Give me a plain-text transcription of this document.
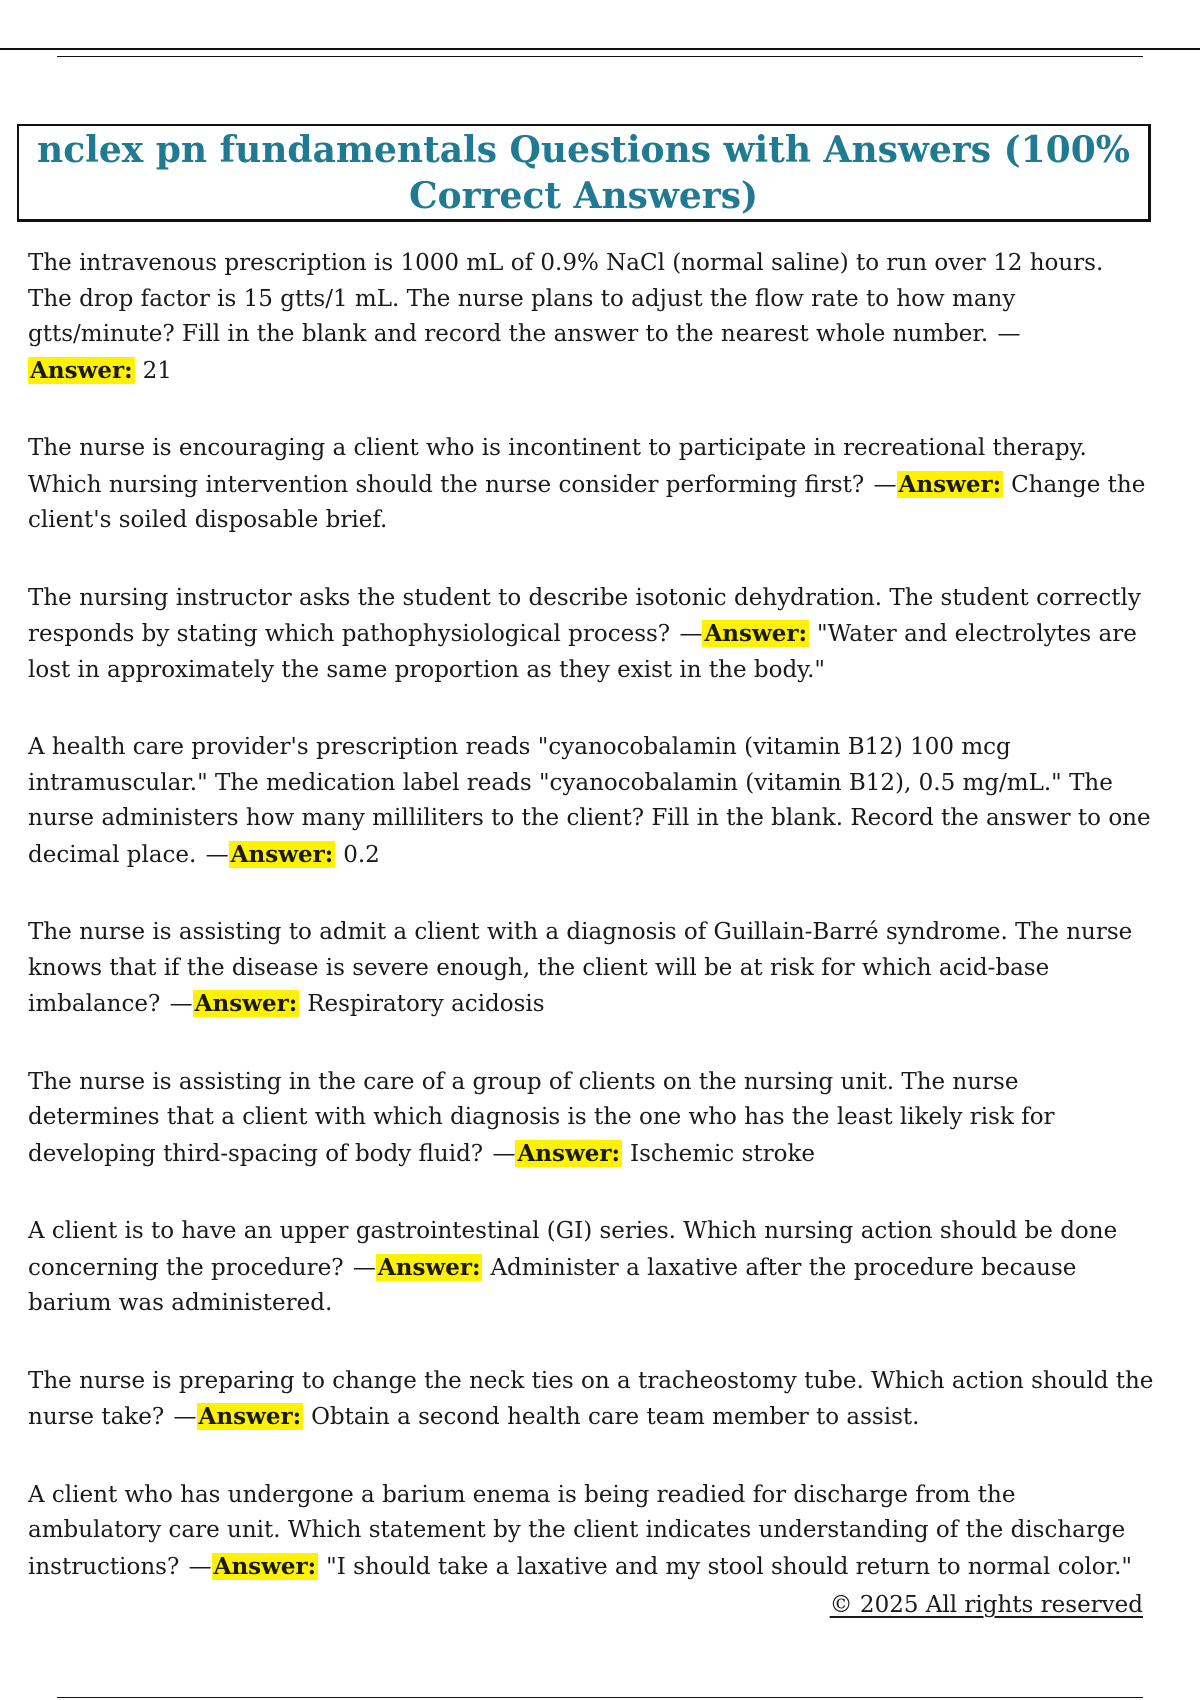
nclex pn fundamentals Questions with Answers (100% Correct Answers)

The intravenous prescription is 1000 mL of 0.9% NaCl (normal saline) to run over 12 hours. The drop factor is 15 gtts/1 mL. The nurse plans to adjust the flow rate to how many gtts/minute? Fill in the blank and record the answer to the nearest whole number. —Answer: 21

The nurse is encouraging a client who is incontinent to participate in recreational therapy. Which nursing intervention should the nurse consider performing first? —Answer: Change the client's soiled disposable brief.

The nursing instructor asks the student to describe isotonic dehydration. The student correctly responds by stating which pathophysiological process? —Answer: "Water and electrolytes are lost in approximately the same proportion as they exist in the body."

A health care provider's prescription reads "cyanocobalamin (vitamin B12) 100 mcg intramuscular." The medication label reads "cyanocobalamin (vitamin B12), 0.5 mg/mL." The nurse administers how many milliliters to the client? Fill in the blank. Record the answer to one decimal place. —Answer: 0.2

The nurse is assisting to admit a client with a diagnosis of Guillain-Barré syndrome. The nurse knows that if the disease is severe enough, the client will be at risk for which acid-base imbalance? —Answer: Respiratory acidosis

The nurse is assisting in the care of a group of clients on the nursing unit. The nurse determines that a client with which diagnosis is the one who has the least likely risk for developing third-spacing of body fluid? —Answer: Ischemic stroke

A client is to have an upper gastrointestinal (GI) series. Which nursing action should be done concerning the procedure? —Answer: Administer a laxative after the procedure because barium was administered.

The nurse is preparing to change the neck ties on a tracheostomy tube. Which action should the nurse take? —Answer: Obtain a second health care team member to assist.

A client who has undergone a barium enema is being readied for discharge from the ambulatory care unit. Which statement by the client indicates understanding of the discharge instructions? —Answer: "I should take a laxative and my stool should return to normal color."

© 2025 All rights reserved
